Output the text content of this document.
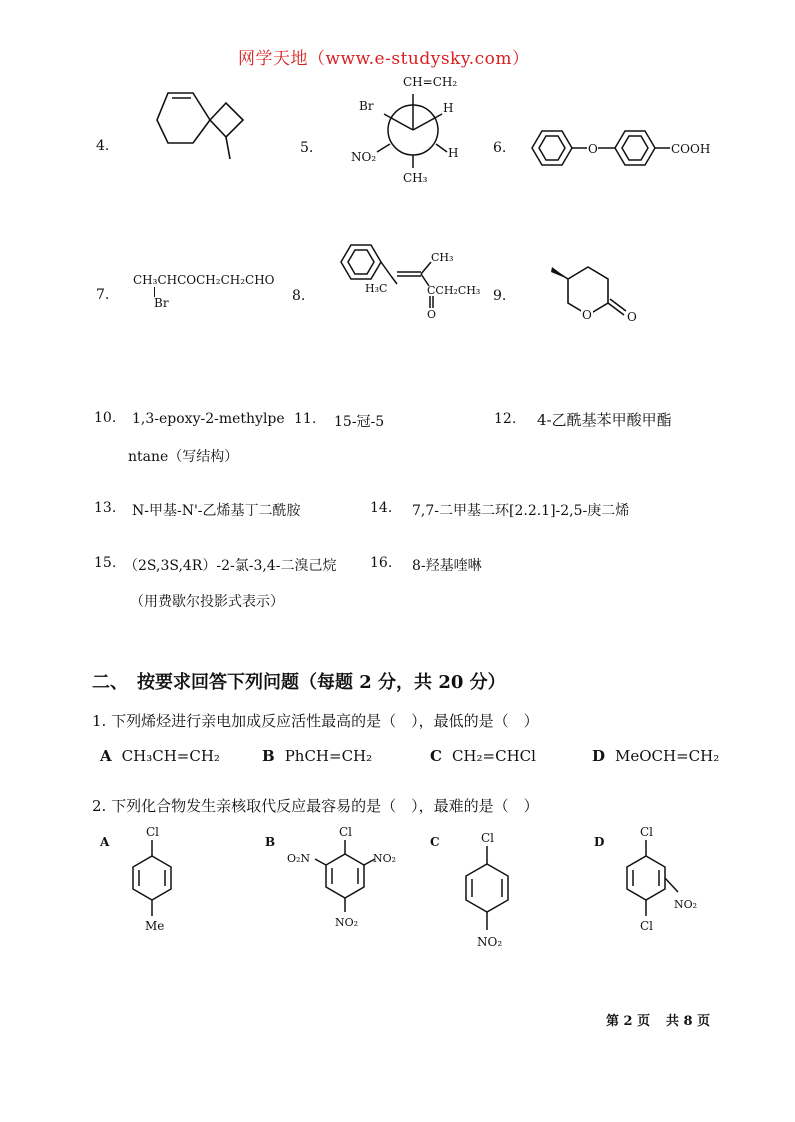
网学天地（www.e-studysky.com）
4.	5.	6.
CH=CH₂
Br
NO₂
H
H
CH₃
O	COOH
7.	8.	9.
CH₃CHCOCH₂CH₂CHO
Br
CH₃
H₃C	CCH₂CH₃
O	O	O
10. 1,3-epoxy-2-methylpe
ntane（写结构）
11. 15-冠-5	12. 4-乙酰基苯甲酸甲酯
13. N-甲基-N'-乙烯基丁二酰胺	14. 7,7-二甲基二环[2.2.1]-2,5-庚二烯
15. （2S,3S,4R）-2-氯-3,4-二溴己烷
（用费歇尔投影式表示）
16. 8-羟基喹啉
二、　按要求回答下列问题（每题 2 分，共 20 分）
1. 下列烯烃进行亲电加成反应活性最高的是（　），最低的是（　）
A CH₃CH=CH₂	B PhCH=CH₂	C CH₂=CHCl	D MeOCH=CH₂
2. 下列化合物发生亲核取代反应最容易的是（　），最难的是（　）
A
Cl
Me
B
Cl
O₂N	NO₂
NO₂
C	Cl
NO₂
D
Cl
NO₂
Cl
第 2 页 共 8 页
